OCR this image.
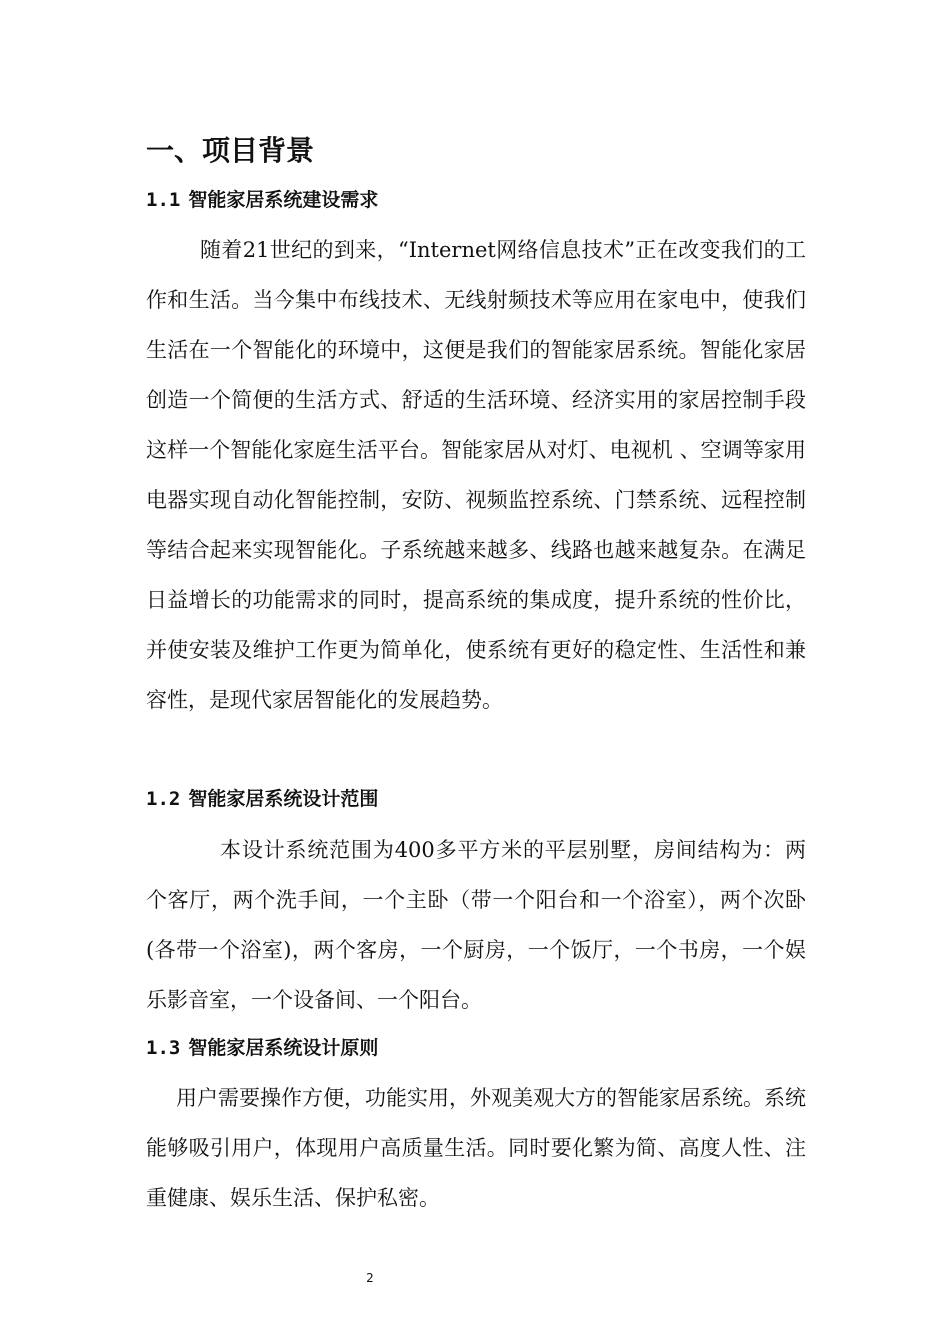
一、项目背景
1.1 智能家居系统建设需求

随着21世纪的到来，“Internet网络信息技术”正在改变我们的工作和生活。当今集中布线技术、无线射频技术等应用在家电中，使我们生活在一个智能化的环境中，这便是我们的智能家居系统。智能化家居创造一个简便的生活方式、舒适的生活环境、经济实用的家居控制手段这样一个智能化家庭生活平台。智能家居从对灯、电视机 、空调等家用电器实现自动化智能控制，安防、视频监控系统、门禁系统、远程控制等结合起来实现智能化。子系统越来越多、线路也越来越复杂。在满足日益增长的功能需求的同时，提高系统的集成度，提升系统的性价比，并使安装及维护工作更为简单化，使系统有更好的稳定性、生活性和兼容性，是现代家居智能化的发展趋势。

1.2 智能家居系统设计范围

本设计系统范围为400多平方米的平层别墅，房间结构为：两个客厅，两个洗手间，一个主卧（带一个阳台和一个浴室），两个次卧(各带一个浴室)，两个客房，一个厨房，一个饭厅，一个书房，一个娱乐影音室，一个设备间、一个阳台。

1.3 智能家居系统设计原则

用户需要操作方便，功能实用，外观美观大方的智能家居系统。系统能够吸引用户，体现用户高质量生活。同时要化繁为简、高度人性、注重健康、娱乐生活、保护私密。

2
